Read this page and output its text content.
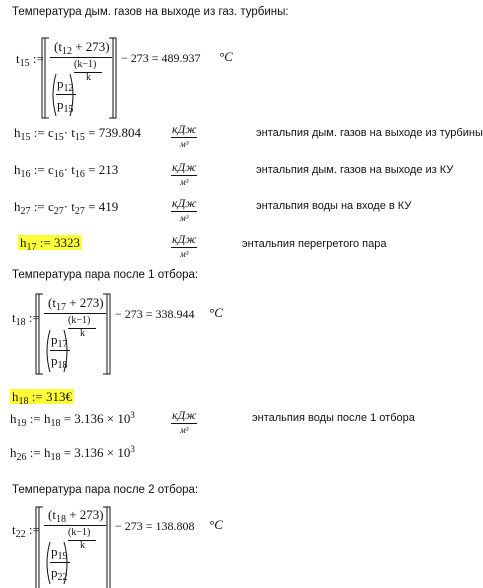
Температура дым. газов на выходе из газ. турбины:
$t_{15}$ :=
$(t_{12} + 273)$
(k−1)
k
$p_{12}$
$p_{15}$
− 273 = 489.937 °C
$h_{15}$ := $c_{15}\cdot t_{15} = 739.804$	кДж
м³
энтальпия дым. газов на выходе из турбины
$h_{16}$ := $c_{16}\cdot t_{16} = 213$	кДж
м³
энтальпия дым. газов на выходе из КУ
$h_{27}$ := $c_{27}\cdot t_{27} = 419$	кДж
м³
энтальпия воды на входе в КУ
$h_{17}$ := 3323	кДж
м³
энтальпия перегретого пара
Температура пара после 1 отбора:
$t_{18}$ :=
$(t_{17} + 273)$
(k−1)
k
$p_{17}$
$p_{18}$
− 273 = 338.944 °C
$h_{18}$ := 313€
$h_{19}$ := $h_{18} = 3.136 \times 10^3$	кДж
м³
энтальпия воды после 1 отбора
$h_{26}$ := $h_{18} = 3.136 \times 10^3$
Температура пара после 2 отбора:
$t_{22}$ :=
$(t_{18} + 273)$
(k−1)
k
$p_{19}$
$p_{22}$
− 273 = 138.808 °C
